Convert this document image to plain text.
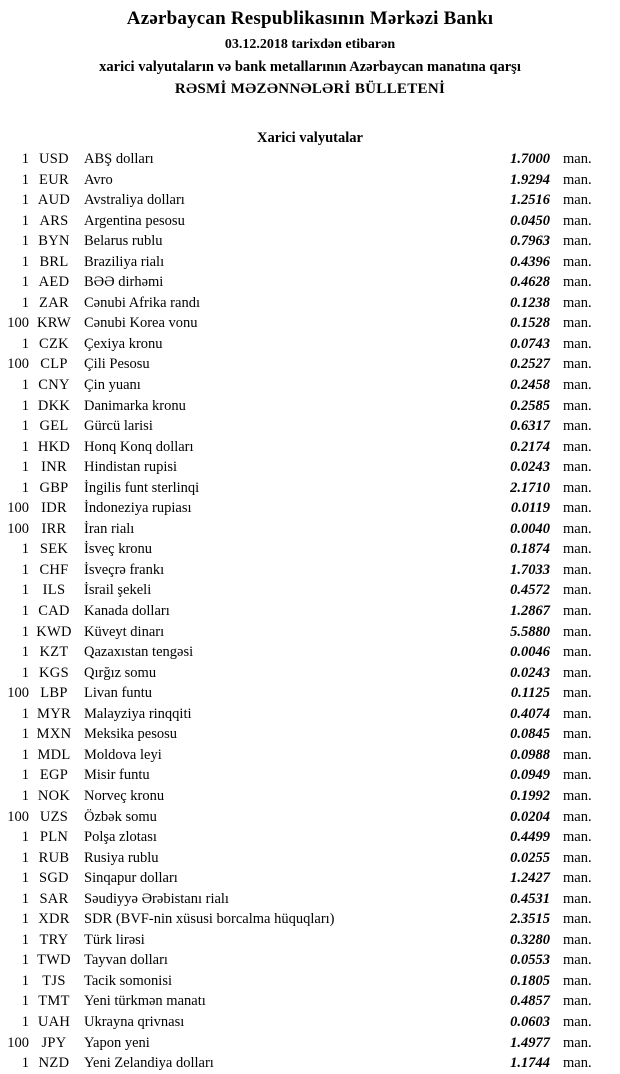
Azərbaycan Respublikasının Mərkəzi Bankı
03.12.2018 tarixdən etibarən
xarici valyutaların və bank metallarının Azərbaycan manatına qarşı
RƏSMİ MƏZƏNNƏLƏRİ BÜLLETENİ
Xarici valyutalar
1 USD	ABŞ dolları	1.7000 man.
1 EUR	Avro	1.9294 man.
1 AUD Avstraliya dolları	1.2516 man.
1 ARS	Argentina pesosu	0.0450 man.
1 BYN Belarus rublu	0.7963 man.
1 BRL	Braziliya rialı	0.4396 man.
1 AED	BƏƏ dirhəmi	0.4628 man.
1 ZAR	Cənubi Afrika randı	0.1238 man.
100 KRW Cənubi Korea vonu	0.1528 man.
1 CZK	Çexiya kronu	0.0743 man.
100 CLP	Çili Pesosu	0.2527 man.
1 CNY Çin yuanı	0.2458 man.
1 DKK Danimarka kronu	0.2585 man.
1 GEL	Gürcü larisi	0.6317 man.
1 HKD Honq Konq dolları	0.2174 man.
1 INR	Hindistan rupisi	0.0243 man.
1 GBP	İngilis funt sterlinqi	2.1710 man.
100 IDR	İndoneziya rupiası	0.0119 man.
100 IRR	İran rialı	0.0040 man.
1 SEK	İsveç kronu	0.1874 man.
1 CHF	İsveçrə frankı	1.7033 man.
1 ILS	İsrail şekeli	0.4572 man.
1 CAD Kanada dolları	1.2867 man.
1 KWD Küveyt dinarı	5.5880 man.
1 KZT	Qazaxıstan tengəsi	0.0046 man.
1 KGS	Qırğız somu	0.0243 man.
100 LBP	Livan funtu	0.1125 man.
1 MYR Malayziya rinqqiti	0.4074 man.
1 MXN Meksika pesosu	0.0845 man.
1 MDL Moldova leyi	0.0988 man.
1 EGP	Misir funtu	0.0949 man.
1 NOK Norveç kronu	0.1992 man.
100 UZS	Özbək somu	0.0204 man.
1 PLN	Polşa zlotası	0.4499 man.
1 RUB	Rusiya rublu	0.0255 man.
1 SGD	Sinqapur dolları	1.2427 man.
1 SAR	Səudiyyə Ərəbistanı rialı	0.4531 man.
1 XDR SDR (BVF-nin xüsusi borcalma hüquqları)	2.3515 man.
1 TRY	Türk lirəsi	0.3280 man.
1 TWD Tayvan dolları	0.0553 man.
1 TJS	Tacik somonisi	0.1805 man.
1 TMT Yeni türkmən manatı	0.4857 man.
1 UAH Ukrayna qrivnası	0.0603 man.
100 JPY	Yapon yeni	1.4977 man.
1 NZD	Yeni Zelandiya dolları	1.1744 man.
